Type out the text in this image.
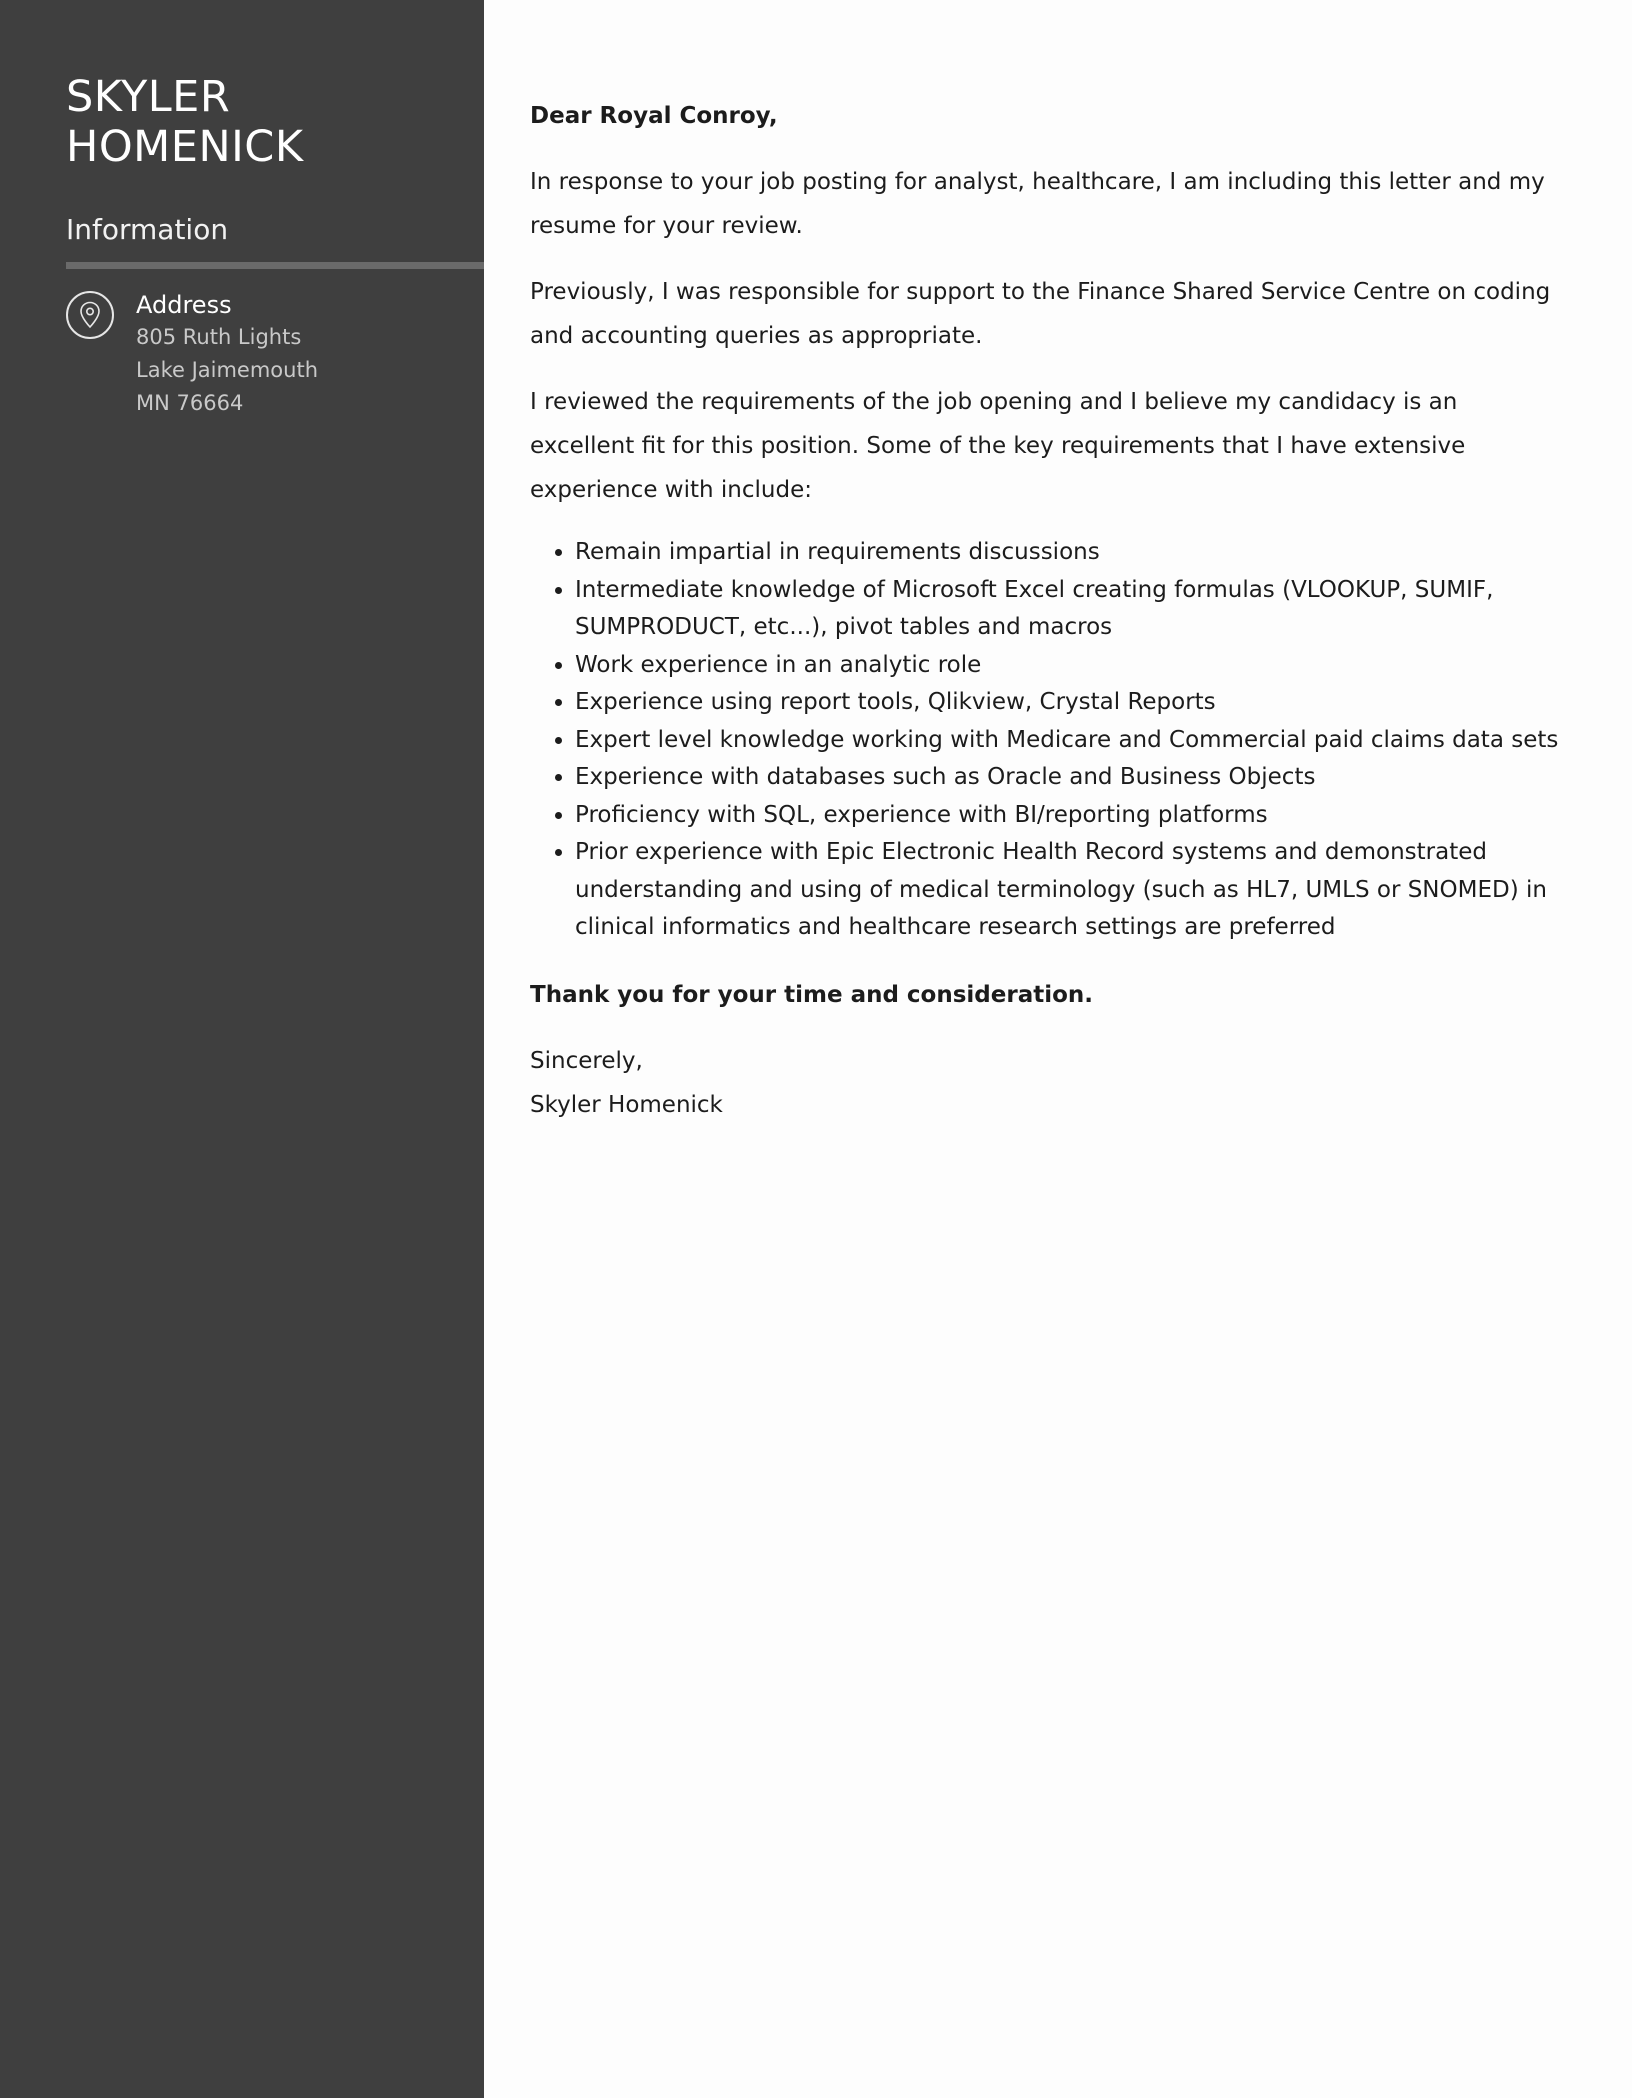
SKYLER
HOMENICK
Information
Address
805 Ruth Lights
Lake Jaimemouth
MN 76664

Dear Royal Conroy,

In response to your job posting for analyst, healthcare, I am including this letter and my resume for your review.

Previously, I was responsible for support to the Finance Shared Service Centre on coding and accounting queries as appropriate.

I reviewed the requirements of the job opening and I believe my candidacy is an excellent fit for this position. Some of the key requirements that I have extensive experience with include:

• Remain impartial in requirements discussions
• Intermediate knowledge of Microsoft Excel creating formulas (VLOOKUP, SUMIF, SUMPRODUCT, etc...), pivot tables and macros
• Work experience in an analytic role
• Experience using report tools, Qlikview, Crystal Reports
• Expert level knowledge working with Medicare and Commercial paid claims data sets
• Experience with databases such as Oracle and Business Objects
• Proficiency with SQL, experience with BI/reporting platforms
• Prior experience with Epic Electronic Health Record systems and demonstrated understanding and using of medical terminology (such as HL7, UMLS or SNOMED) in clinical informatics and healthcare research settings are preferred

Thank you for your time and consideration.

Sincerely,

Skyler Homenick
